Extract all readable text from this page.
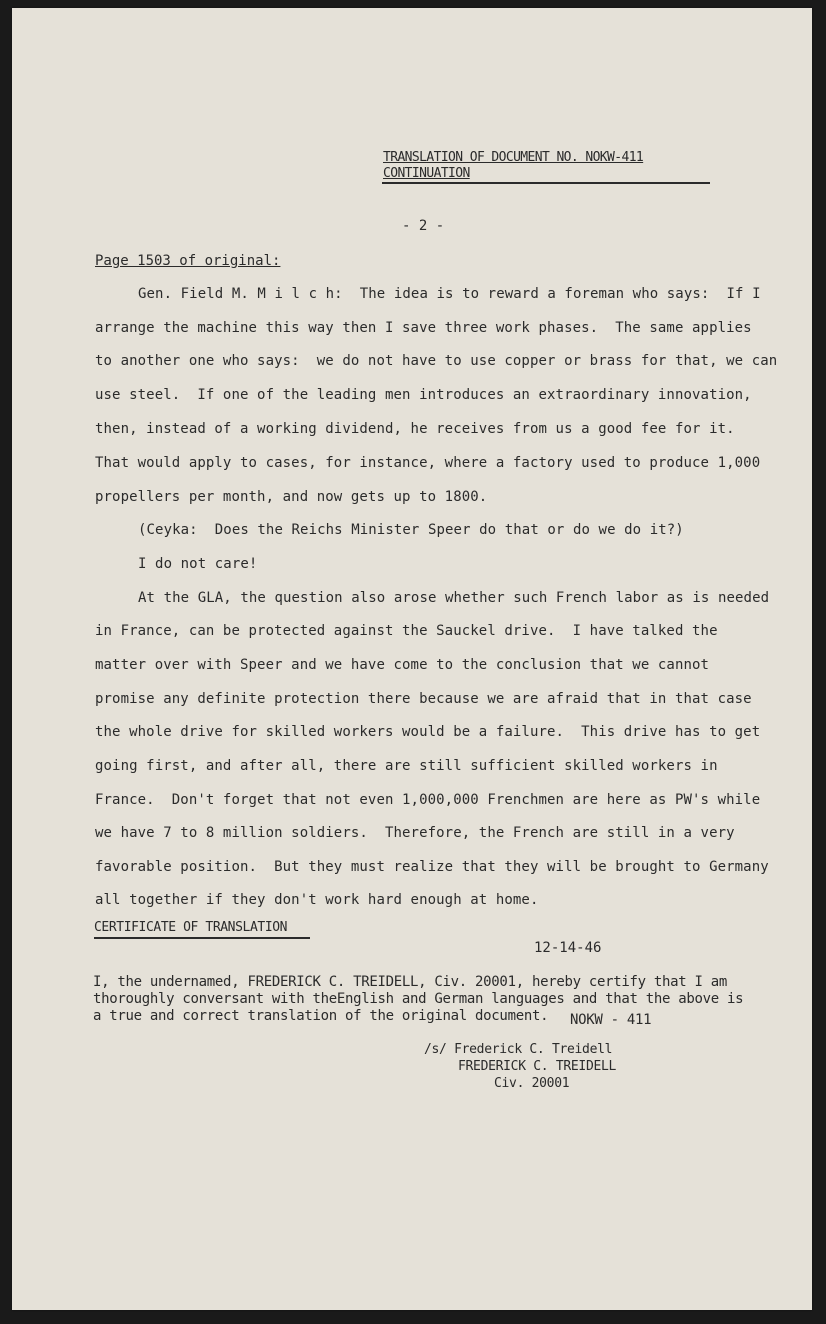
TRANSLATION OF DOCUMENT NO. NOKW-411
CONTINUATION
- 2 -
Page 1503 of original:
Gen. Field M. M i l c h:  The idea is to reward a foreman who says:  If I
arrange the machine this way then I save three work phases.  The same applies
to another one who says:  we do not have to use copper or brass for that, we can
use steel.  If one of the leading men introduces an extraordinary innovation,
then, instead of a working dividend, he receives from us a good fee for it.
That would apply to cases, for instance, where a factory used to produce 1,000
propellers per month, and now gets up to 1800.
(Ceyka:  Does the Reichs Minister Speer do that or do we do it?)
I do not care!
At the GLA, the question also arose whether such French labor as is needed
in France, can be protected against the Sauckel drive.  I have talked the
matter over with Speer and we have come to the conclusion that we cannot
promise any definite protection there because we are afraid that in that case
the whole drive for skilled workers would be a failure.  This drive has to get
going first, and after all, there are still sufficient skilled workers in
France.  Don't forget that not even 1,000,000 Frenchmen are here as PW's while
we have 7 to 8 million soldiers.  Therefore, the French are still in a very
favorable position.  But they must realize that they will be brought to Germany
all together if they don't work hard enough at home.
CERTIFICATE OF TRANSLATION
12-14-46
I, the undernamed, FREDERICK C. TREIDELL, Civ. 20001, hereby certify that I am
thoroughly conversant with theEnglish and German languages and that the above is
a true and correct translation of the original document. NOKW - 411
/s/ Frederick C. Treidell
FREDERICK C. TREIDELL
Civ. 20001
